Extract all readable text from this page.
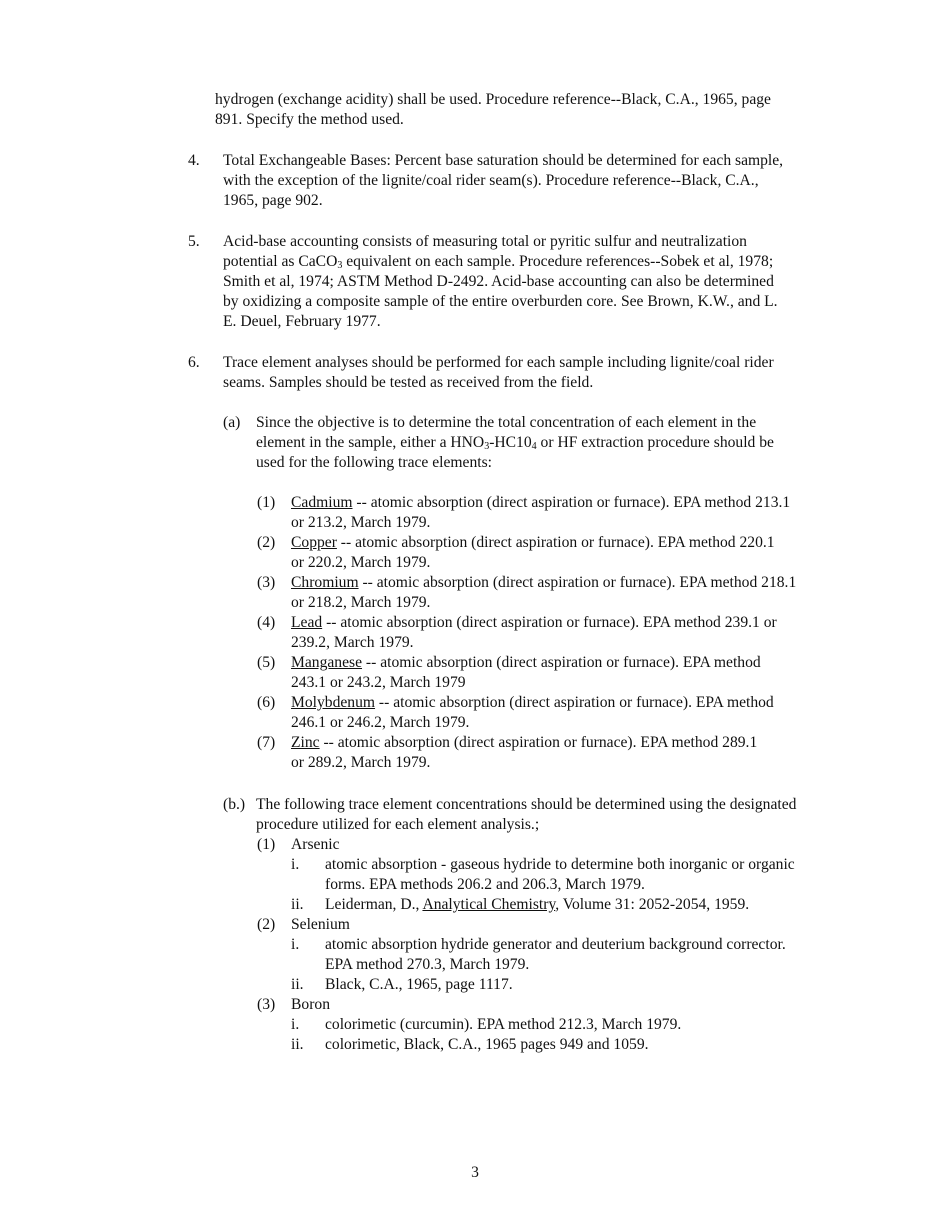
hydrogen (exchange acidity) shall be used. Procedure reference--Black, C.A., 1965, page
891. Specify the method used.
4. Total Exchangeable Bases: Percent base saturation should be determined for each sample,
with the exception of the lignite/coal rider seam(s). Procedure reference--Black, C.A.,
1965, page 902.
5. Acid-base accounting consists of measuring total or pyritic sulfur and neutralization
potential as CaCO$_3$ equivalent on each sample. Procedure references--Sobek et al, 1978;
Smith et al, 1974; ASTM Method D-2492. Acid-base accounting can also be determined
by oxidizing a composite sample of the entire overburden core. See Brown, K.W., and L.
E. Deuel, February 1977.
6. Trace element analyses should be performed for each sample including lignite/coal rider
seams. Samples should be tested as received from the field.
(a) Since the objective is to determine the total concentration of each element in the
element in the sample, either a $HNO_3-HC10_4$ or HF extraction procedure should be
used for the following trace elements:
(1) Cadmium -- atomic absorption (direct aspiration or furnace). EPA method 213.1
or 213.2, March 1979.
(2) Copper -- atomic absorption (direct aspiration or furnace). EPA method 220.1
or 220.2, March 1979.
(3) Chromium -- atomic absorption (direct aspiration or furnace). EPA method 218.1
or 218.2, March 1979.
(4) Lead -- atomic absorption (direct aspiration or furnace). EPA method 239.1 or
239.2, March 1979.
(5) Manganese -- atomic absorption (direct aspiration or furnace). EPA method
243.1 or 243.2, March 1979
(6) Molybdenum -- atomic absorption (direct aspiration or furnace). EPA method
246.1 or 246.2, March 1979.
(7) Zinc -- atomic absorption (direct aspiration or furnace). EPA method 289.1
or 289.2, March 1979.
(b.) The following trace element concentrations should be determined using the designated
procedure utilized for each element analysis.;
(1) Arsenic
i. atomic absorption - gaseous hydride to determine both inorganic or organic
forms. EPA methods 206.2 and 206.3, March 1979.
ii. Leiderman, D., Analytical Chemistry, Volume 31: 2052-2054, 1959.
(2) Selenium
i. atomic absorption hydride generator and deuterium background corrector.
EPA method 270.3, March 1979.
ii. Black, C.A., 1965, page 1117.
(3) Boron
i. colorimetic (curcumin). EPA method 212.3, March 1979.
ii. colorimetic, Black, C.A., 1965 pages 949 and 1059.
3
